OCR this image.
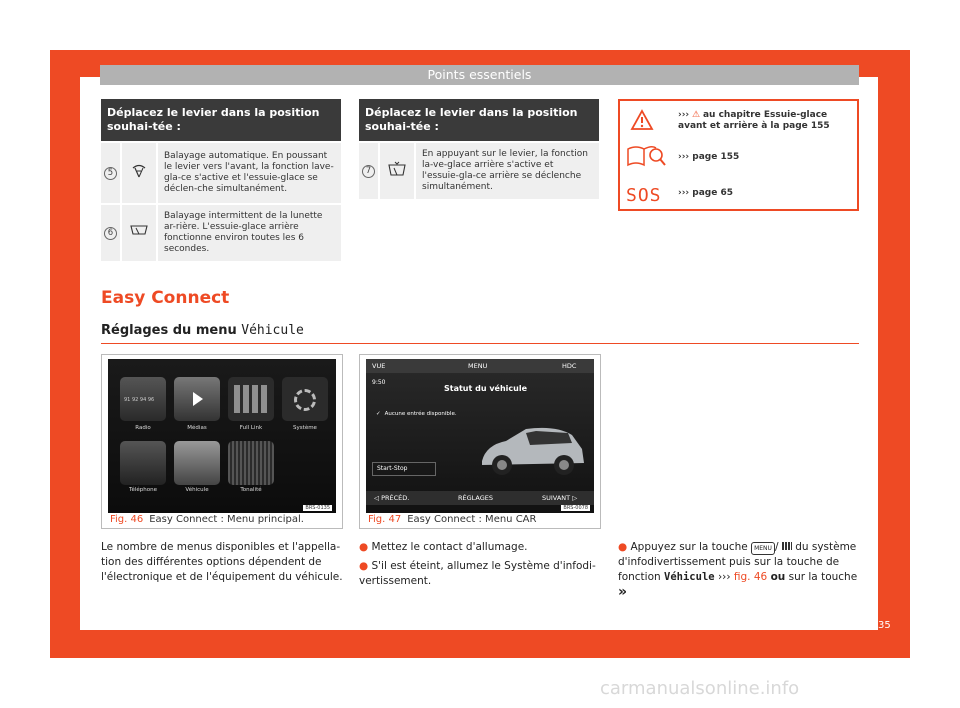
Points essentiels
Déplacez le levier dans la position souhai-tée :		
5		Balayage automatique. En poussant le levier vers l'avant, la fonction lave-gla-ce s'active et l'essuie-glace se déclen-che simultanément.
6		Balayage intermittent de la lunette ar-rière. L'essuie-glace arrière fonctionne environ toutes les 6 secondes.
Déplacez le levier dans la position souhai-tée :
7		En appuyant sur le levier, la fonction la-ve-glace arrière s'active et l'essuie-gla-ce arrière se déclenche simultanément.
››› ⚠ au chapitre Essuie-glace avant et arrière à la page 155
››› page 155
SOS ››› page 65
Easy Connect
Réglages du menu Véhicule
91 92 94 96
Radio	Médias	Full Link	Système
Téléphone	Véhicule	Tonalité
BRS-0135
Fig. 46 Easy Connect : Menu principal.
VUE	MENU	HDC
9:50
Statut du véhicule
✓ Aucune entrée disponible.
Start-Stop
◁ PRÉCÉD.	RÉGLAGES	SUIVANT ▷
BRS-0078
Fig. 47 Easy Connect : Menu CAR
Le nombre de menus disponibles et l'appella-tion des différentes options dépendent de l'électronique et de l'équipement du véhicule.
● Mettez le contact d'allumage.
● S'il est éteint, allumez le Système d'infodi-vertissement.
● Appuyez sur la touche MENU / du système d'infodivertissement puis sur la touche de fonction Véhicule ››› fig. 46 ou sur la touche »
35
carmanualsonline.info
